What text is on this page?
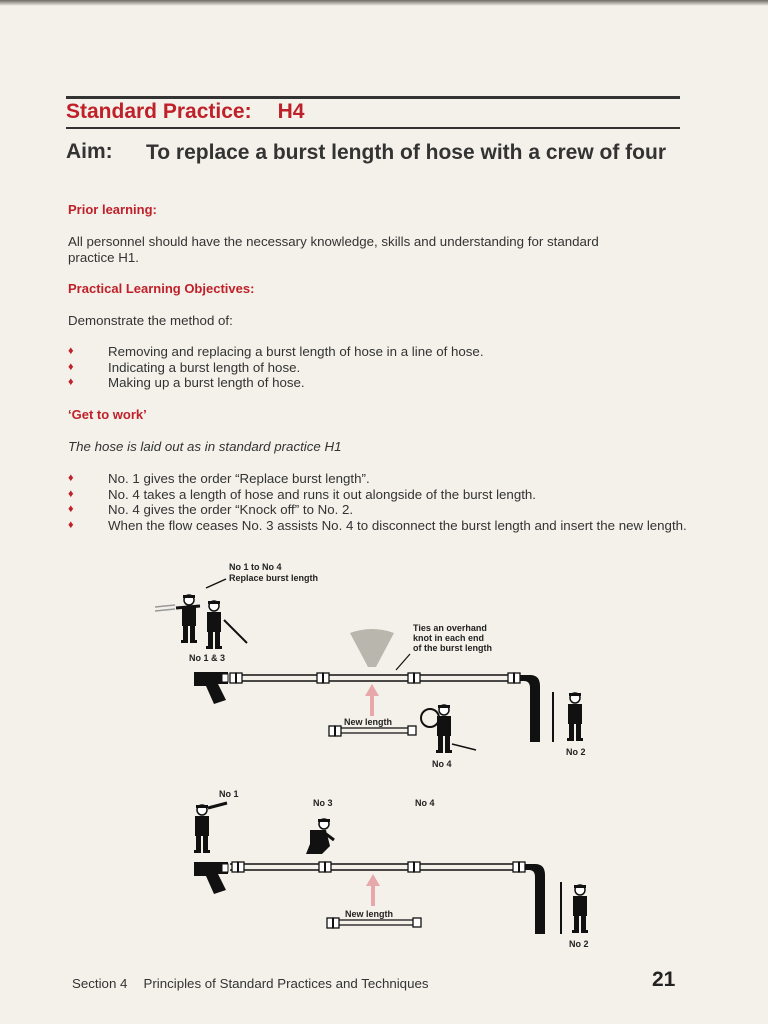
Standard Practice: H4
Aim: To replace a burst length of hose with a crew of four
Prior learning:
All personnel should have the necessary knowledge, skills and understanding for standard practice H1.
Practical Learning Objectives:
Demonstrate the method of:
♦	Removing and replacing a burst length of hose in a line of hose.
♦	Indicating a burst length of hose.
♦	Making up a burst length of hose.
‘Get to work’
The hose is laid out as in standard practice H1
♦	No. 1 gives the order “Replace burst length”.
♦	No. 4 takes a length of hose and runs it out alongside of the burst length.
♦	No. 4 gives the order “Knock off” to No. 2.
♦	When the flow ceases No. 3 assists No. 4 to disconnect the burst length and insert the new length.
No 1 to No 4
Replace burst length
No 1 & 3
Ties an overhand
knot in each end
of the burst length
New length
No 4
No 2
No 1
No 3	No 4
New length
No 2
Section 4 Principles of Standard Practices and Techniques	21
